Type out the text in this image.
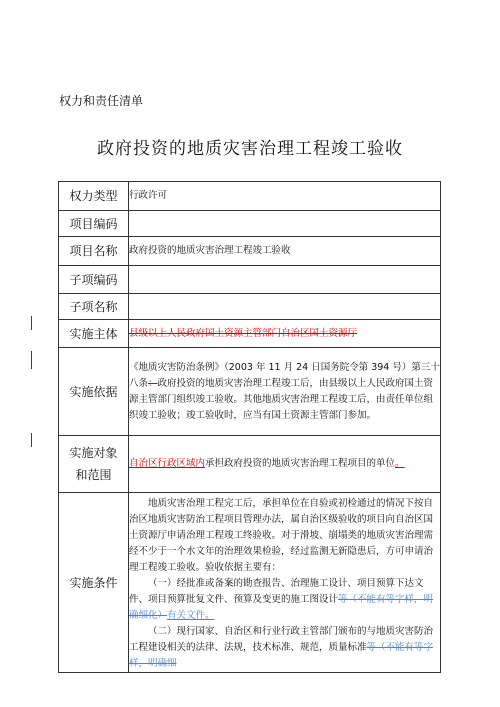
权力和责任清单
政府投资的地质灾害治理工程竣工验收
权力类型	行政许可
项目编码	
项目名称	政府投资的地质灾害治理工程竣工验收
子项编码	
子项名称	
实施主体	县级以上人民政府国土资源主管部门自治区国土资源厅
实施依据	《地质灾害防治条例》（2003 年 11 月 24 日国务院令第 394 号）第三十八条：政府投资的地质灾害治理工程竣工后，由县级以上人民政府国土资源主管部门组织竣工验收。其他地质灾害治理工程竣工后，由责任单位组织竣工验收；竣工验收时，应当有国土资源主管部门参加。

实施对象
和范围	自治区行政区域内承担政府投资的地质灾害治理工程项目的单位。
实施条件	地质灾害治理工程完工后，承担单位在自验或初检通过的情况下按自治区地质灾害防治工程项目管理办法，属自治区级验收的项目向自治区国土资源厅申请治理工程竣工终验收。对于滑坡、崩塌类的地质灾害治理需经不少于一个水文年的治理效果检验，经过监测无新隐患后，方可申请治理工程竣工验收。验收依据主要有：

（一）经批准或备案的勘查报告、治理施工设计、项目预算下达文件、项目预算批复文件、预算及变更的施工图设计等（不能有等字样，明确细化）有关文件。

（二）现行国家、自治区和行业行政主管部门颁布的与地质灾害防治工程建设相关的法律、法规，技术标准、规范，质量标准等（不能有等字样，明确细
